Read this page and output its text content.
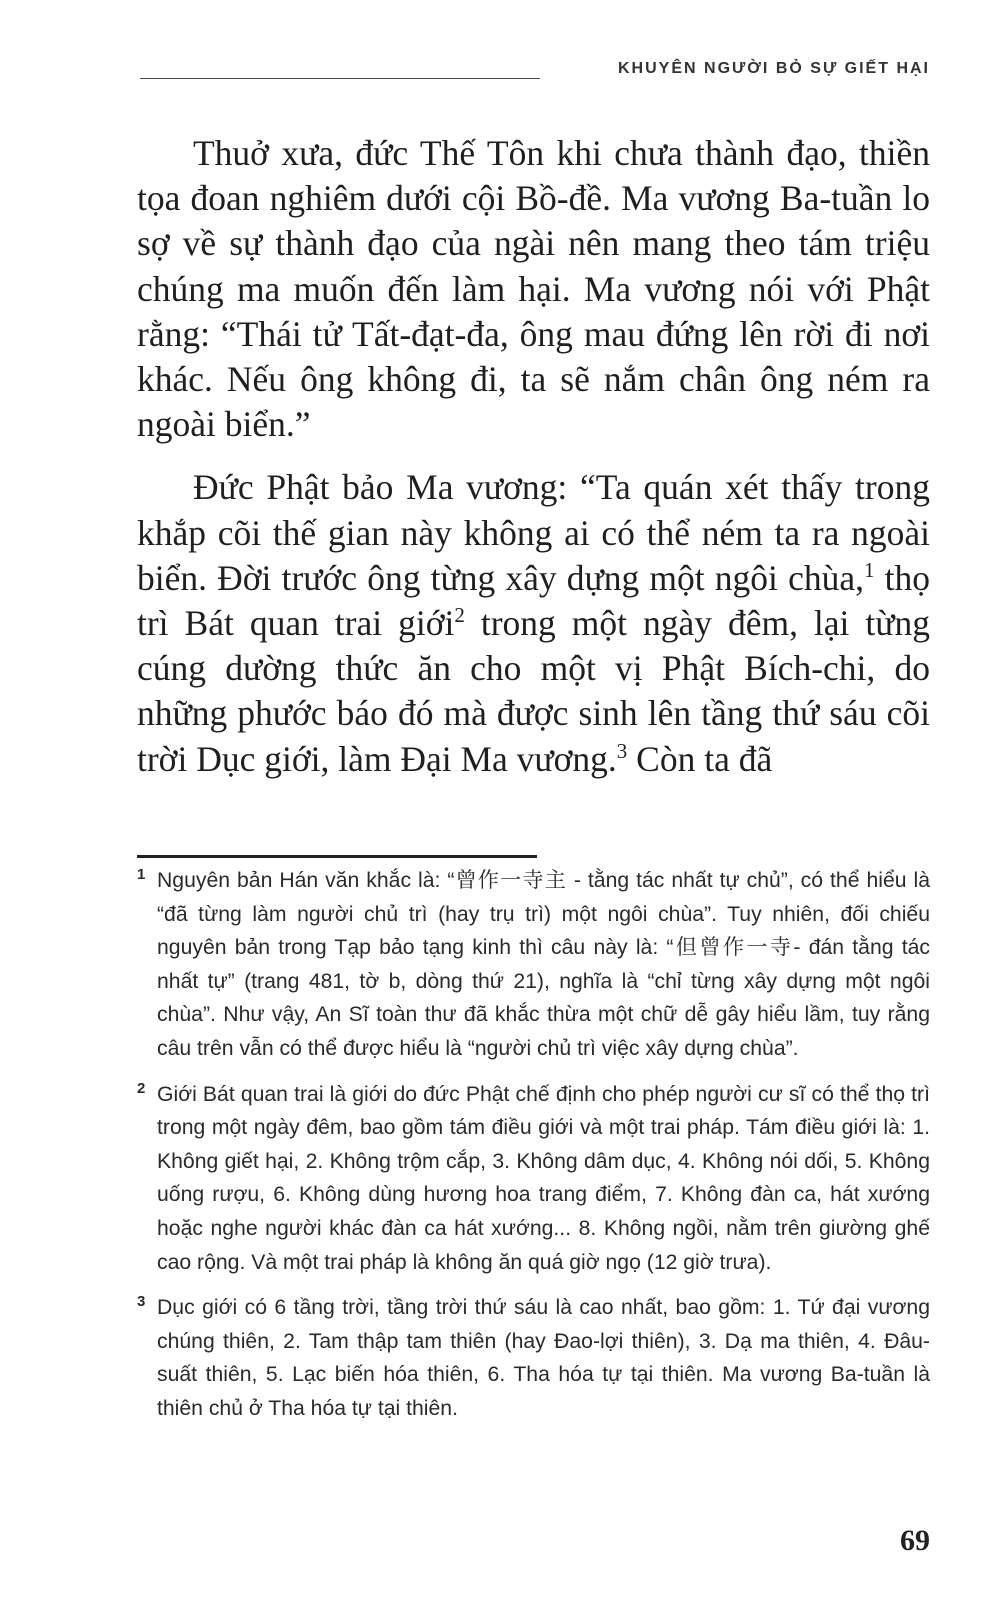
KHUYÊN NGƯỜI BỎ SỰ GIẾT HẠI

Thuở xưa, đức Thế Tôn khi chưa thành đạo, thiền tọa đoan nghiêm dưới cội Bồ-đề. Ma vương Ba-tuần lo sợ về sự thành đạo của ngài nên mang theo tám triệu chúng ma muốn đến làm hại. Ma vương nói với Phật rằng: “Thái tử Tất-đạt-đa, ông mau đứng lên rời đi nơi khác. Nếu ông không đi, ta sẽ nắm chân ông ném ra ngoài biển.”

Đức Phật bảo Ma vương: “Ta quán xét thấy trong khắp cõi thế gian này không ai có thể ném ta ra ngoài biển. Đời trước ông từng xây dựng một ngôi chùa,$^1$ thọ trì Bát quan trai giới$^2$ trong một ngày đêm, lại từng cúng dường thức ăn cho một vị Phật Bích-chi, do những phước báo đó mà được sinh lên tầng thứ sáu cõi trời Dục giới, làm Đại Ma vương.$^3$ Còn ta đã

1 Nguyên bản Hán văn khắc là: “曾作一寺主 - tằng tác nhất tự chủ”, có thể hiểu là “đã từng làm người chủ trì (hay trụ trì) một ngôi chùa”. Tuy nhiên, đối chiếu nguyên bản trong Tạp bảo tạng kinh thì câu này là: “但曾作一寺- đán tằng tác nhất tự” (trang 481, tờ b, dòng thứ 21), nghĩa là “chỉ từng xây dựng một ngôi chùa”. Như vậy, An Sĩ toàn thư đã khắc thừa một chữ dễ gây hiểu lầm, tuy rằng câu trên vẫn có thể được hiểu là “người chủ trì việc xây dựng chùa”.
2 Giới Bát quan trai là giới do đức Phật chế định cho phép người cư sĩ có thể thọ trì trong một ngày đêm, bao gồm tám điều giới và một trai pháp. Tám điều giới là: 1. Không giết hại, 2. Không trộm cắp, 3. Không dâm dục, 4. Không nói dối, 5. Không uống rượu, 6. Không dùng hương hoa trang điểm, 7. Không đàn ca, hát xướng hoặc nghe người khác đàn ca hát xướng... 8. Không ngồi, nằm trên giường ghế cao rộng. Và một trai pháp là không ăn quá giờ ngọ (12 giờ trưa).
3 Dục giới có 6 tầng trời, tầng trời thứ sáu là cao nhất, bao gồm: 1. Tứ đại vương chúng thiên, 2. Tam thập tam thiên (hay Đao-lợi thiên), 3. Dạ ma thiên, 4. Đâu-suất thiên, 5. Lạc biến hóa thiên, 6. Tha hóa tự tại thiên. Ma vương Ba-tuần là thiên chủ ở Tha hóa tự tại thiên.
69
